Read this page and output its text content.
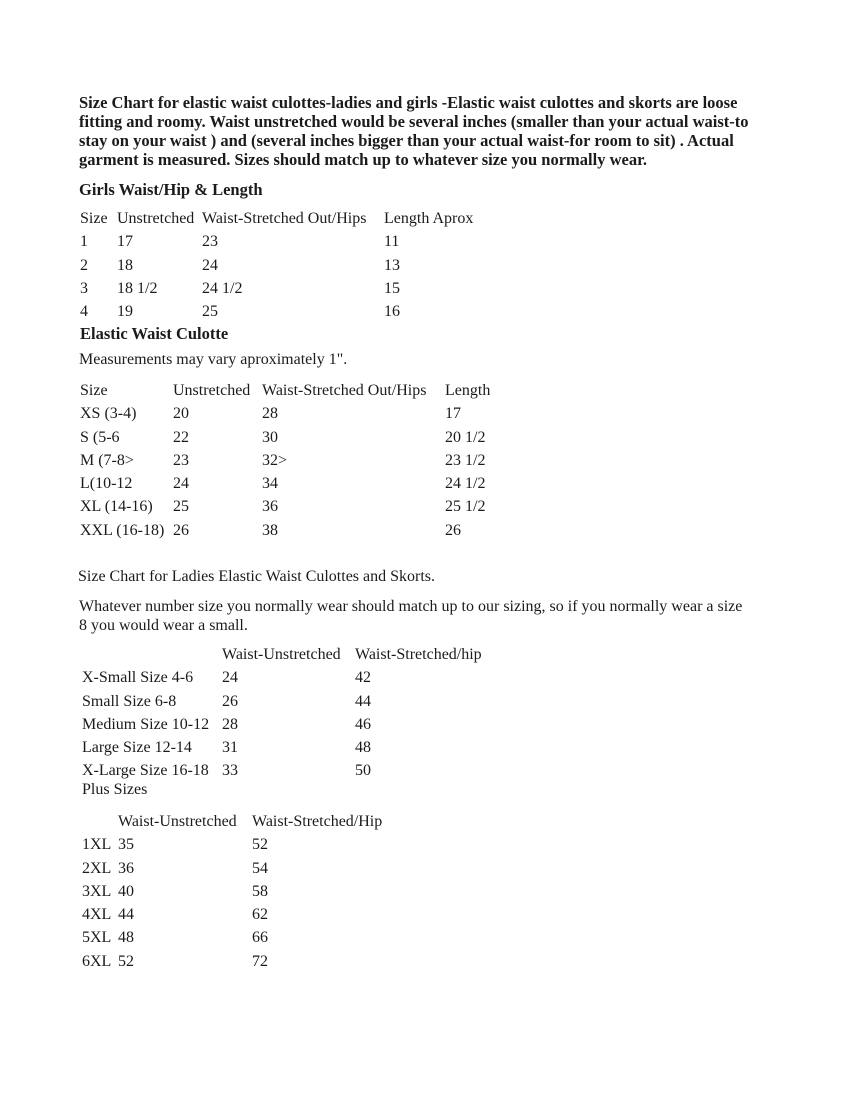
Size Chart for elastic waist culottes-ladies and girls -Elastic waist culottes and skorts are loose
fitting and roomy. Waist unstretched would be several inches (smaller than your actual waist-to
stay on your waist ) and (several inches bigger than your actual waist-for room to sit) . Actual
garment is measured. Sizes should match up to whatever size you normally wear.
Girls Waist/Hip & Length
Size	Unstretched	Waist-Stretched Out/Hips	Length Aprox
1	17	23	11
2	18	24	13
3	18 1/2	24 1/2	15
4	19	25	16
Elastic Waist Culotte

Measurements may vary aproximately 1".

Size	Unstretched	Waist-Stretched Out/Hips	Length
XS (3-4)	20	28	17
S (5-6	22	30	20 1/2
M (7-8>	23	32>	23 1/2
L(10-12	24	34	24 1/2
XL (14-16)	25	36	25 1/2
XXL (16-18)	26	38	26

Size Chart for Ladies Elastic Waist Culottes and Skorts.

Whatever number size you normally wear should match up to our sizing, so if you normally wear a size
8 you would wear a small.
	Waist-Unstretched	Waist-Stretched/hip
X-Small Size 4-6	24	42
Small Size 6-8	26	44
Medium Size 10-12	28	46
Large Size 12-14	31	48
X-Large Size 16-18	33	50

Plus Sizes

	Waist-Unstretched	Waist-Stretched/Hip
1XL	35	52
2XL	36	54
3XL	40	58
4XL	44	62
5XL	48	66
6XL	52	72
